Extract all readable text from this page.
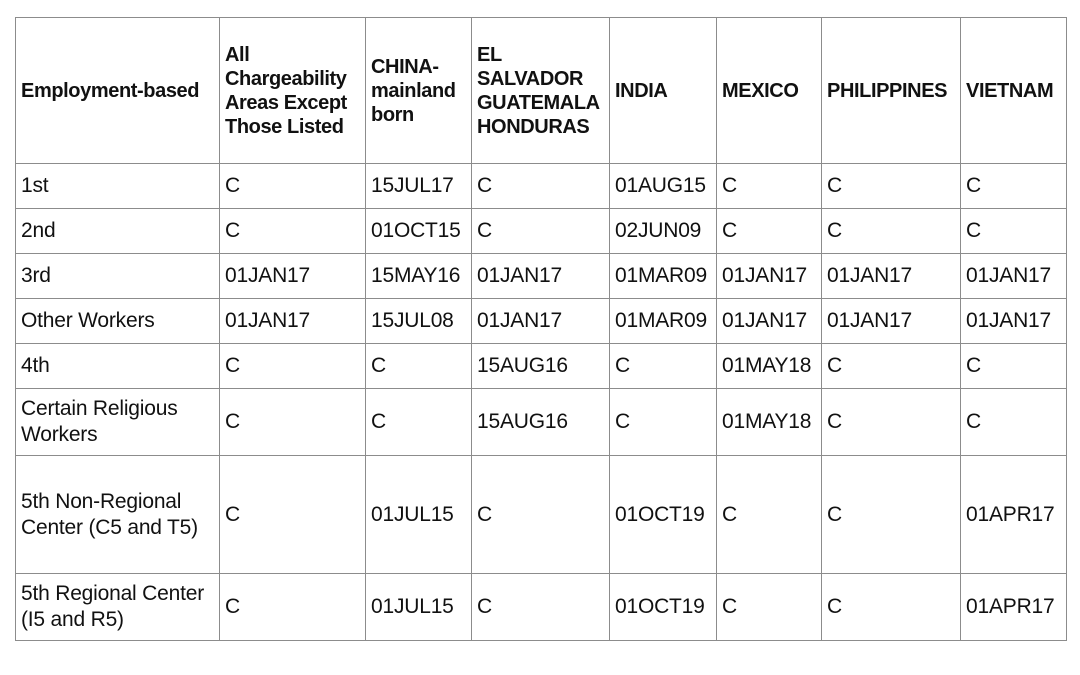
Employment-based	All Chargeability Areas Except Those Listed	CHINA-mainland born	EL SALVADOR GUATEMALA HONDURAS	INDIA	MEXICO	PHILIPPINES	VIETNAM
1st	C	15JUL17	C	01AUG15	C	C	C
2nd	C	01OCT15	C	02JUN09	C	C	C
3rd	01JAN17	15MAY16	01JAN17	01MAR09	01JAN17	01JAN17	01JAN17
Other Workers	01JAN17	15JUL08	01JAN17	01MAR09	01JAN17	01JAN17	01JAN17
4th	C	C	15AUG16	C	01MAY18	C	C
Certain Religious Workers	C	C	15AUG16	C	01MAY18	C	C
5th Non-Regional Center (C5 and T5)	C	01JUL15	C	01OCT19	C	C	01APR17
5th Regional Center (I5 and R5)	C	01JUL15	C	01OCT19	C	C	01APR17
